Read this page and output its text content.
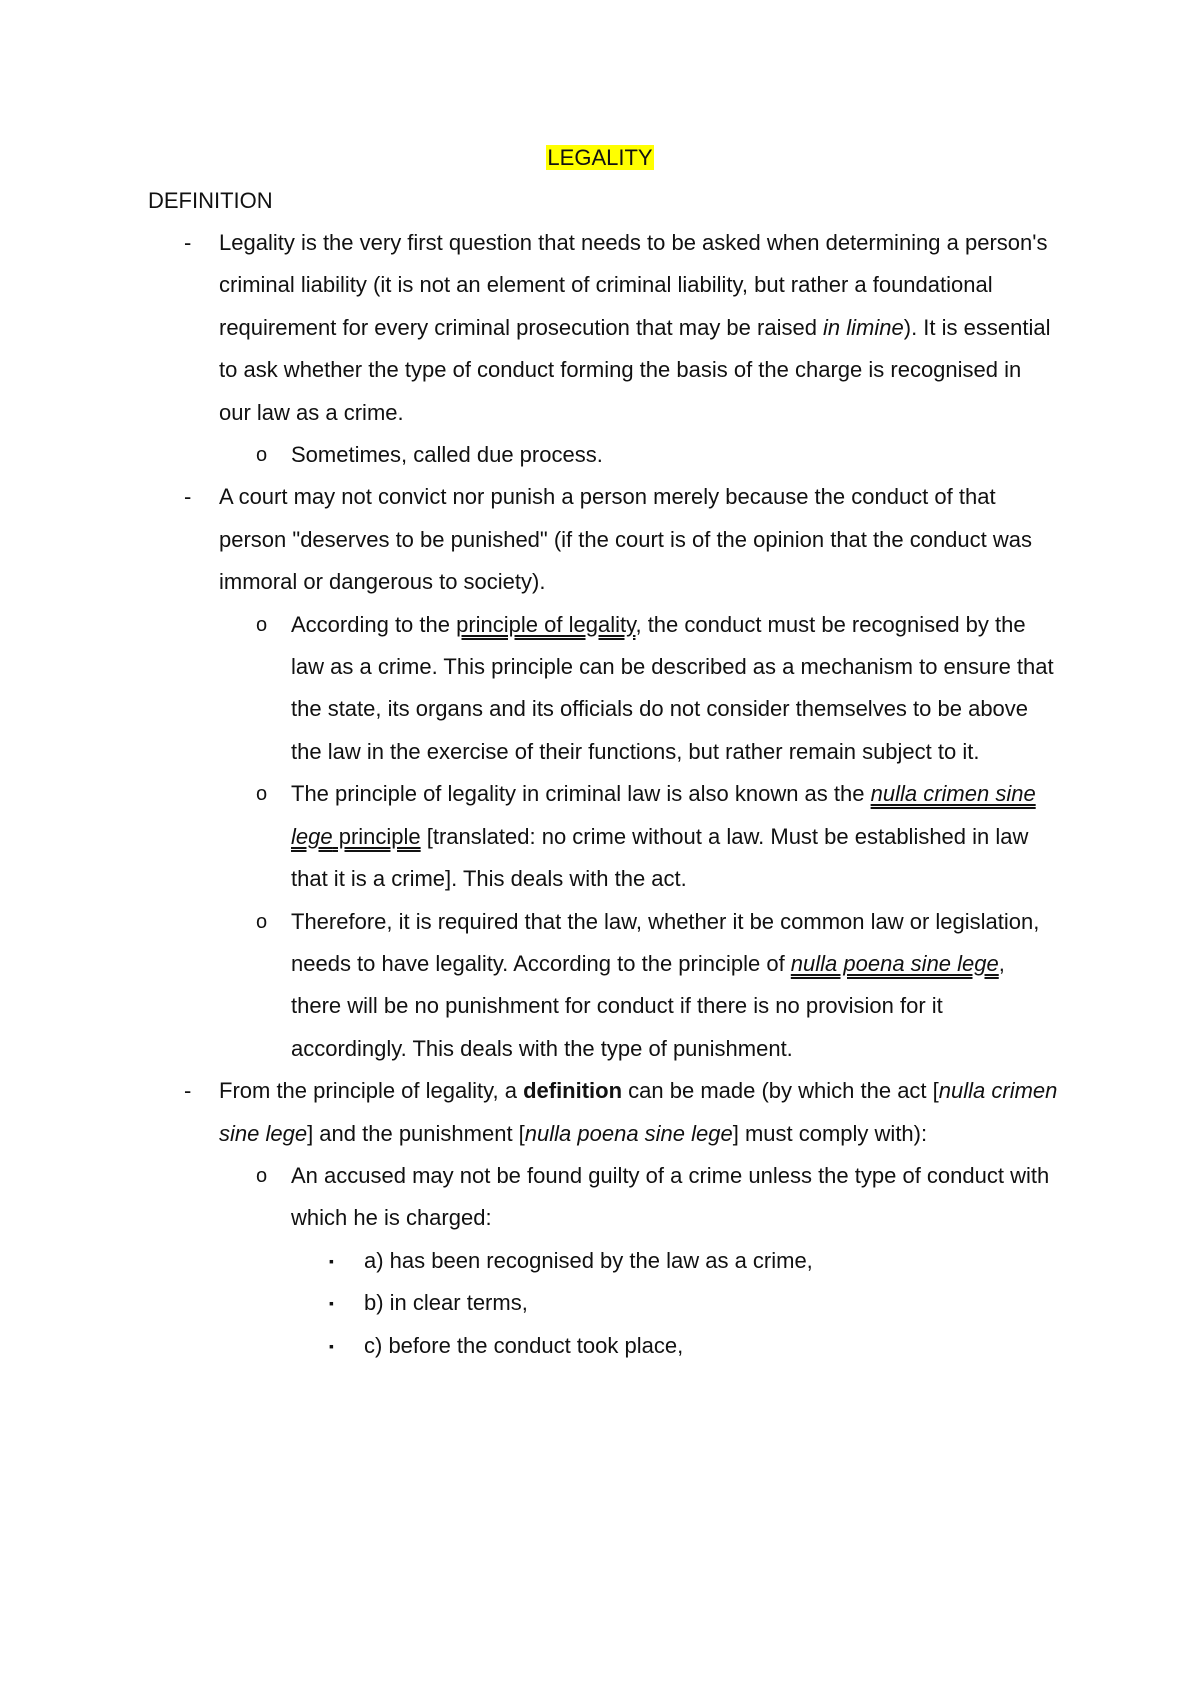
LEGALITY
DEFINITION
- Legality is the very first question that needs to be asked when determining a person's criminal liability (it is not an element of criminal liability, but rather a foundational requirement for every criminal prosecution that may be raised in limine). It is essential to ask whether the type of conduct forming the basis of the charge is recognised in our law as a crime.
o Sometimes, called due process.
- A court may not convict nor punish a person merely because the conduct of that person "deserves to be punished" (if the court is of the opinion that the conduct was immoral or dangerous to society).
o According to the principle of legality, the conduct must be recognised by the law as a crime. This principle can be described as a mechanism to ensure that the state, its organs and its officials do not consider themselves to be above the law in the exercise of their functions, but rather remain subject to it.
o The principle of legality in criminal law is also known as the nulla crimen sine lege principle [translated: no crime without a law. Must be established in law that it is a crime]. This deals with the act.
o Therefore, it is required that the law, whether it be common law or legislation, needs to have legality. According to the principle of nulla poena sine lege, there will be no punishment for conduct if there is no provision for it accordingly. This deals with the type of punishment.
- From the principle of legality, a definition can be made (by which the act [nulla crimen sine lege] and the punishment [nulla poena sine lege] must comply with):
o An accused may not be found guilty of a crime unless the type of conduct with which he is charged:
▪ a) has been recognised by the law as a crime,
▪ b) in clear terms,
▪ c) before the conduct took place,
